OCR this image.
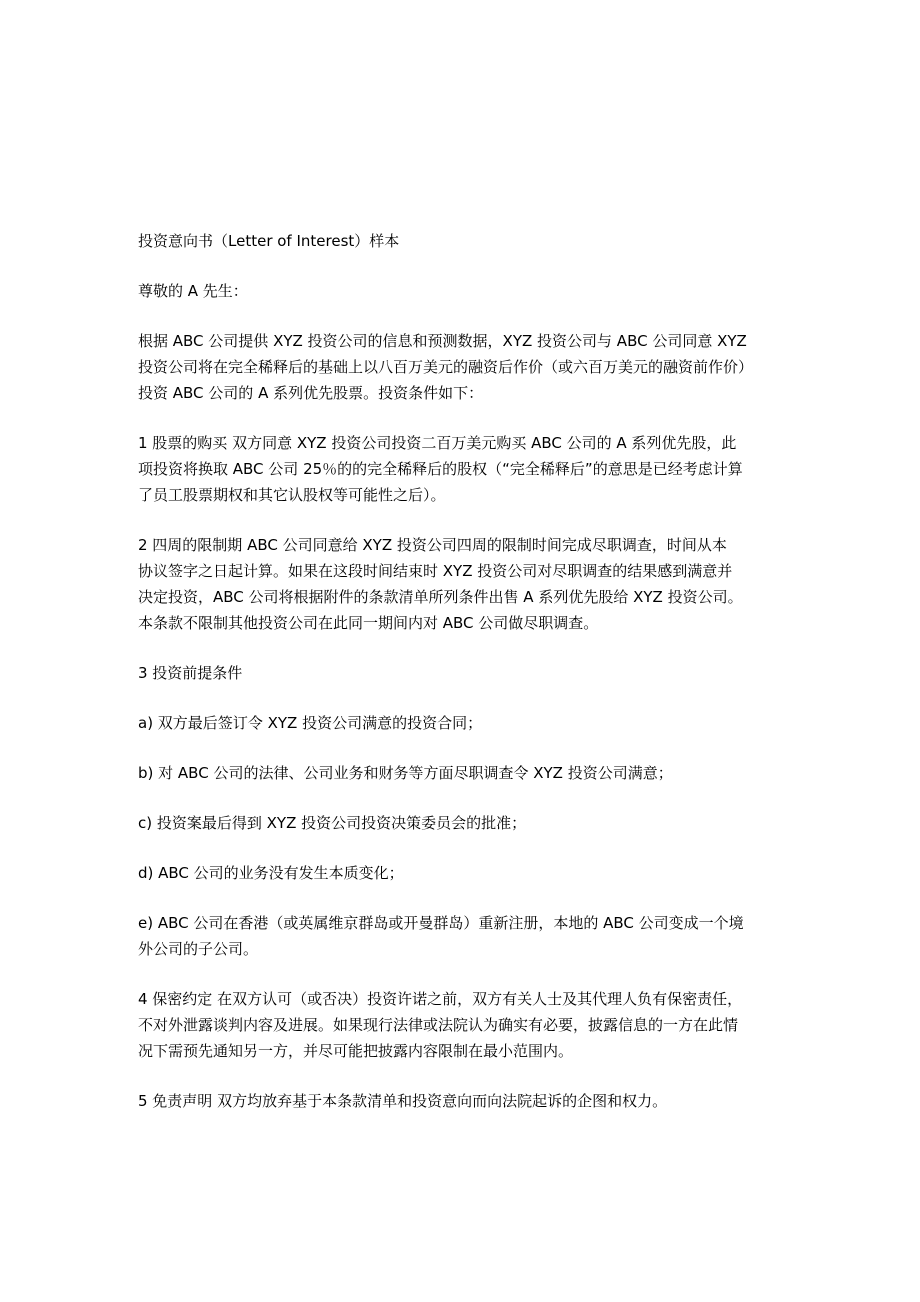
投资意向书（Letter of Interest）样本

尊敬的 A 先生：

根据 ABC 公司提供 XYZ 投资公司的信息和预测数据，XYZ 投资公司与 ABC 公司同意 XYZ
投资公司将在完全稀释后的基础上以八百万美元的融资后作价（或六百万美元的融资前作价）
投资 ABC 公司的 A 系列优先股票。投资条件如下：

1 股票的购买 双方同意 XYZ 投资公司投资二百万美元购买 ABC 公司的 A 系列优先股，此
项投资将换取 ABC 公司 25％的的完全稀释后的股权（“完全稀释后”的意思是已经考虑计算
了员工股票期权和其它认股权等可能性之后）。

2 四周的限制期 ABC 公司同意给 XYZ 投资公司四周的限制时间完成尽职调查，时间从本
协议签字之日起计算。如果在这段时间结束时 XYZ 投资公司对尽职调查的结果感到满意并
决定投资，ABC 公司将根据附件的条款清单所列条件出售 A 系列优先股给 XYZ 投资公司。
本条款不限制其他投资公司在此同一期间内对 ABC 公司做尽职调查。

3 投资前提条件

a) 双方最后签订令 XYZ 投资公司满意的投资合同；

b) 对 ABC 公司的法律、公司业务和财务等方面尽职调查令 XYZ 投资公司满意；

c) 投资案最后得到 XYZ 投资公司投资决策委员会的批准；

d) ABC 公司的业务没有发生本质变化；

e) ABC 公司在香港（或英属维京群岛或开曼群岛）重新注册，本地的 ABC 公司变成一个境
外公司的子公司。

4 保密约定 在双方认可（或否决）投资许诺之前，双方有关人士及其代理人负有保密责任，
不对外泄露谈判内容及进展。如果现行法律或法院认为确实有必要，披露信息的一方在此情
况下需预先通知另一方，并尽可能把披露内容限制在最小范围内。

5 免责声明 双方均放弃基于本条款清单和投资意向而向法院起诉的企图和权力。
